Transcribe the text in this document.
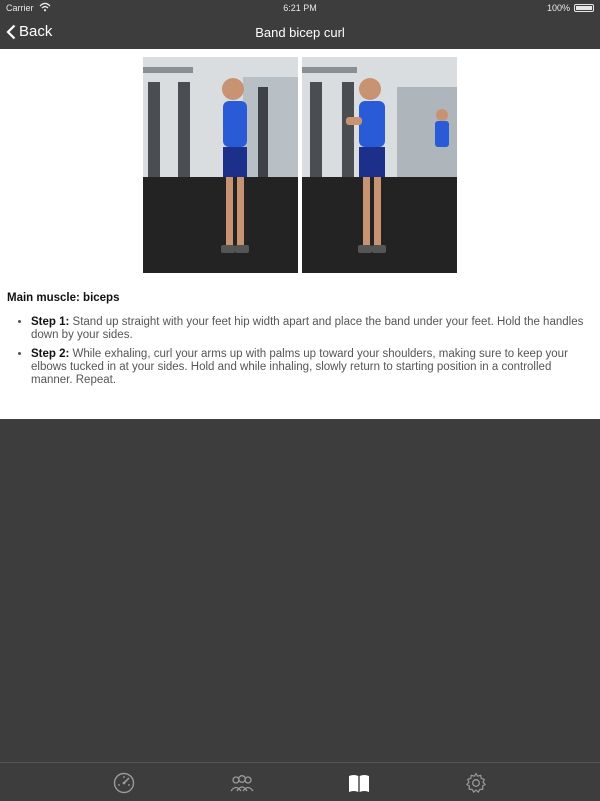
Carrier	6:21 PM	100%
Back	Band bicep curl

Main muscle: biceps

• Step 1: Stand up straight with your feet hip width apart and place the band under your feet. Hold the handles down by your sides.
• Step 2: While exhaling, curl your arms up with palms up toward your shoulders, making sure to keep your elbows tucked in at your sides. Hold and while inhaling, slowly return to starting position in a controlled manner. Repeat.
